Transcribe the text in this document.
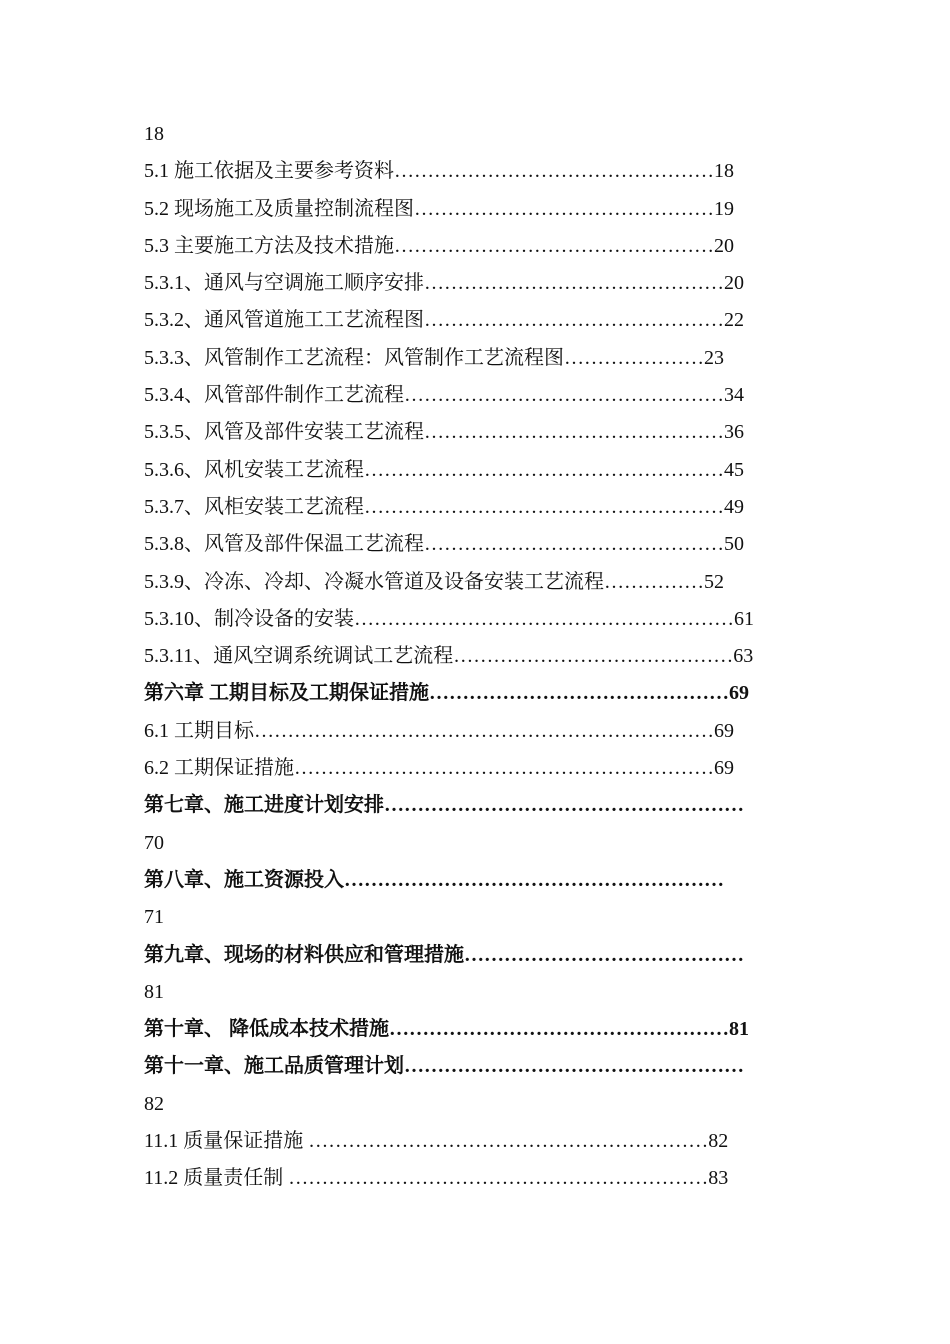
18
5.1 施工依据及主要参考资料…………………………………………18
5.2 现场施工及质量控制流程图………………………………………19
5.3 主要施工方法及技术措施…………………………………………20
5.3.1、通风与空调施工顺序安排………………………………………20
5.3.2、通风管道施工工艺流程图………………………………………22
5.3.3、风管制作工艺流程：风管制作工艺流程图…………………23
5.3.4、风管部件制作工艺流程…………………………………………34
5.3.5、风管及部件安装工艺流程………………………………………36
5.3.6、风机安装工艺流程………………………………………………45
5.3.7、风柜安装工艺流程………………………………………………49
5.3.8、风管及部件保温工艺流程………………………………………50
5.3.9、冷冻、冷却、冷凝水管道及设备安装工艺流程……………52
5.3.10、制冷设备的安装…………………………………………………61
5.3.11、通风空调系统调试工艺流程……………………………………63
第六章 工期目标及工期保证措施………………………………………69
6.1 工期目标……………………………………………………………69
6.2 工期保证措施………………………………………………………69
第七章、施工进度计划安排………………………………………………
70
第八章、施工资源投入…………………………………………………
71
第九章、现场的材料供应和管理措施……………………………………
81
第十章、 降低成本技术措施……………………………………………81
第十一章、施工品质管理计划……………………………………………
82
11.1 质量保证措施 ……………………………………………………82
11.2 质量责任制 ………………………………………………………83
